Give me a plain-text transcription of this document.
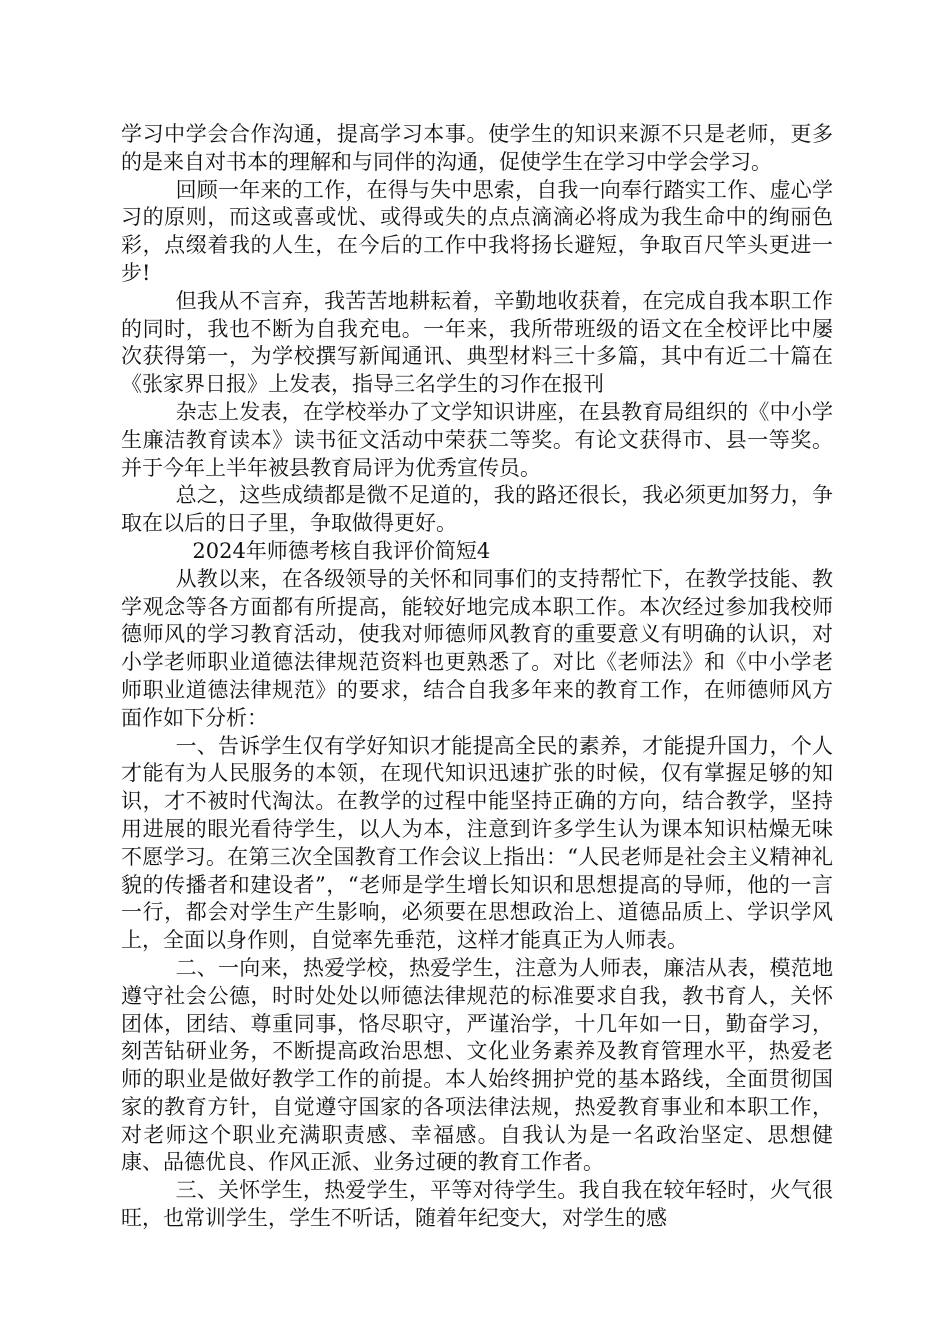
学习中学会合作沟通，提高学习本事。使学生的知识来源不只是老师，更多的是来自对书本的理解和与同伴的沟通，促使学生在学习中学会学习。

回顾一年来的工作，在得与失中思索，自我一向奉行踏实工作、虚心学习的原则，而这或喜或忧、或得或失的点点滴滴必将成为我生命中的绚丽色彩，点缀着我的人生，在今后的工作中我将扬长避短，争取百尺竿头更进一步!

但我从不言弃，我苦苦地耕耘着，辛勤地收获着，在完成自我本职工作的同时，我也不断为自我充电。一年来，我所带班级的语文在全校评比中屡次获得第一，为学校撰写新闻通讯、典型材料三十多篇，其中有近二十篇在《张家界日报》上发表，指导三名学生的习作在报刊

杂志上发表，在学校举办了文学知识讲座，在县教育局组织的《中小学生廉洁教育读本》读书征文活动中荣获二等奖。有论文获得市、县一等奖。并于今年上半年被县教育局评为优秀宣传员。

总之，这些成绩都是微不足道的，我的路还很长，我必须更加努力，争取在以后的日子里，争取做得更好。

2024年师德考核自我评价简短4

从教以来，在各级领导的关怀和同事们的支持帮忙下，在教学技能、教学观念等各方面都有所提高，能较好地完成本职工作。本次经过参加我校师德师风的学习教育活动，使我对师德师风教育的重要意义有明确的认识，对小学老师职业道德法律规范资料也更熟悉了。对比《老师法》和《中小学老师职业道德法律规范》的要求，结合自我多年来的教育工作，在师德师风方面作如下分析：

一、告诉学生仅有学好知识才能提高全民的素养，才能提升国力，个人才能有为人民服务的本领，在现代知识迅速扩张的时候，仅有掌握足够的知识，才不被时代淘汰。在教学的过程中能坚持正确的方向，结合教学，坚持用进展的眼光看待学生，以人为本，注意到许多学生认为课本知识枯燥无味不愿学习。在第三次全国教育工作会议上指出：“人民老师是社会主义精神礼貌的传播者和建设者”，“老师是学生增长知识和思想提高的导师，他的一言一行，都会对学生产生影响，必须要在思想政治上、道德品质上、学识学风上，全面以身作则，自觉率先垂范，这样才能真正为人师表。

二、一向来，热爱学校，热爱学生，注意为人师表，廉洁从表，模范地遵守社会公德，时时处处以师德法律规范的标准要求自我，教书育人，关怀团体，团结、尊重同事，恪尽职守，严谨治学，十几年如一日，勤奋学习，刻苦钻研业务，不断提高政治思想、文化业务素养及教育管理水平，热爱老师的职业是做好教学工作的前提。本人始终拥护党的基本路线，全面贯彻国家的教育方针，自觉遵守国家的各项法律法规，热爱教育事业和本职工作，对老师这个职业充满职责感、幸福感。自我认为是一名政治坚定、思想健康、品德优良、作风正派、业务过硬的教育工作者。

三、关怀学生，热爱学生，平等对待学生。我自我在较年轻时，火气很旺，也常训学生，学生不听话，随着年纪变大，对学生的感
